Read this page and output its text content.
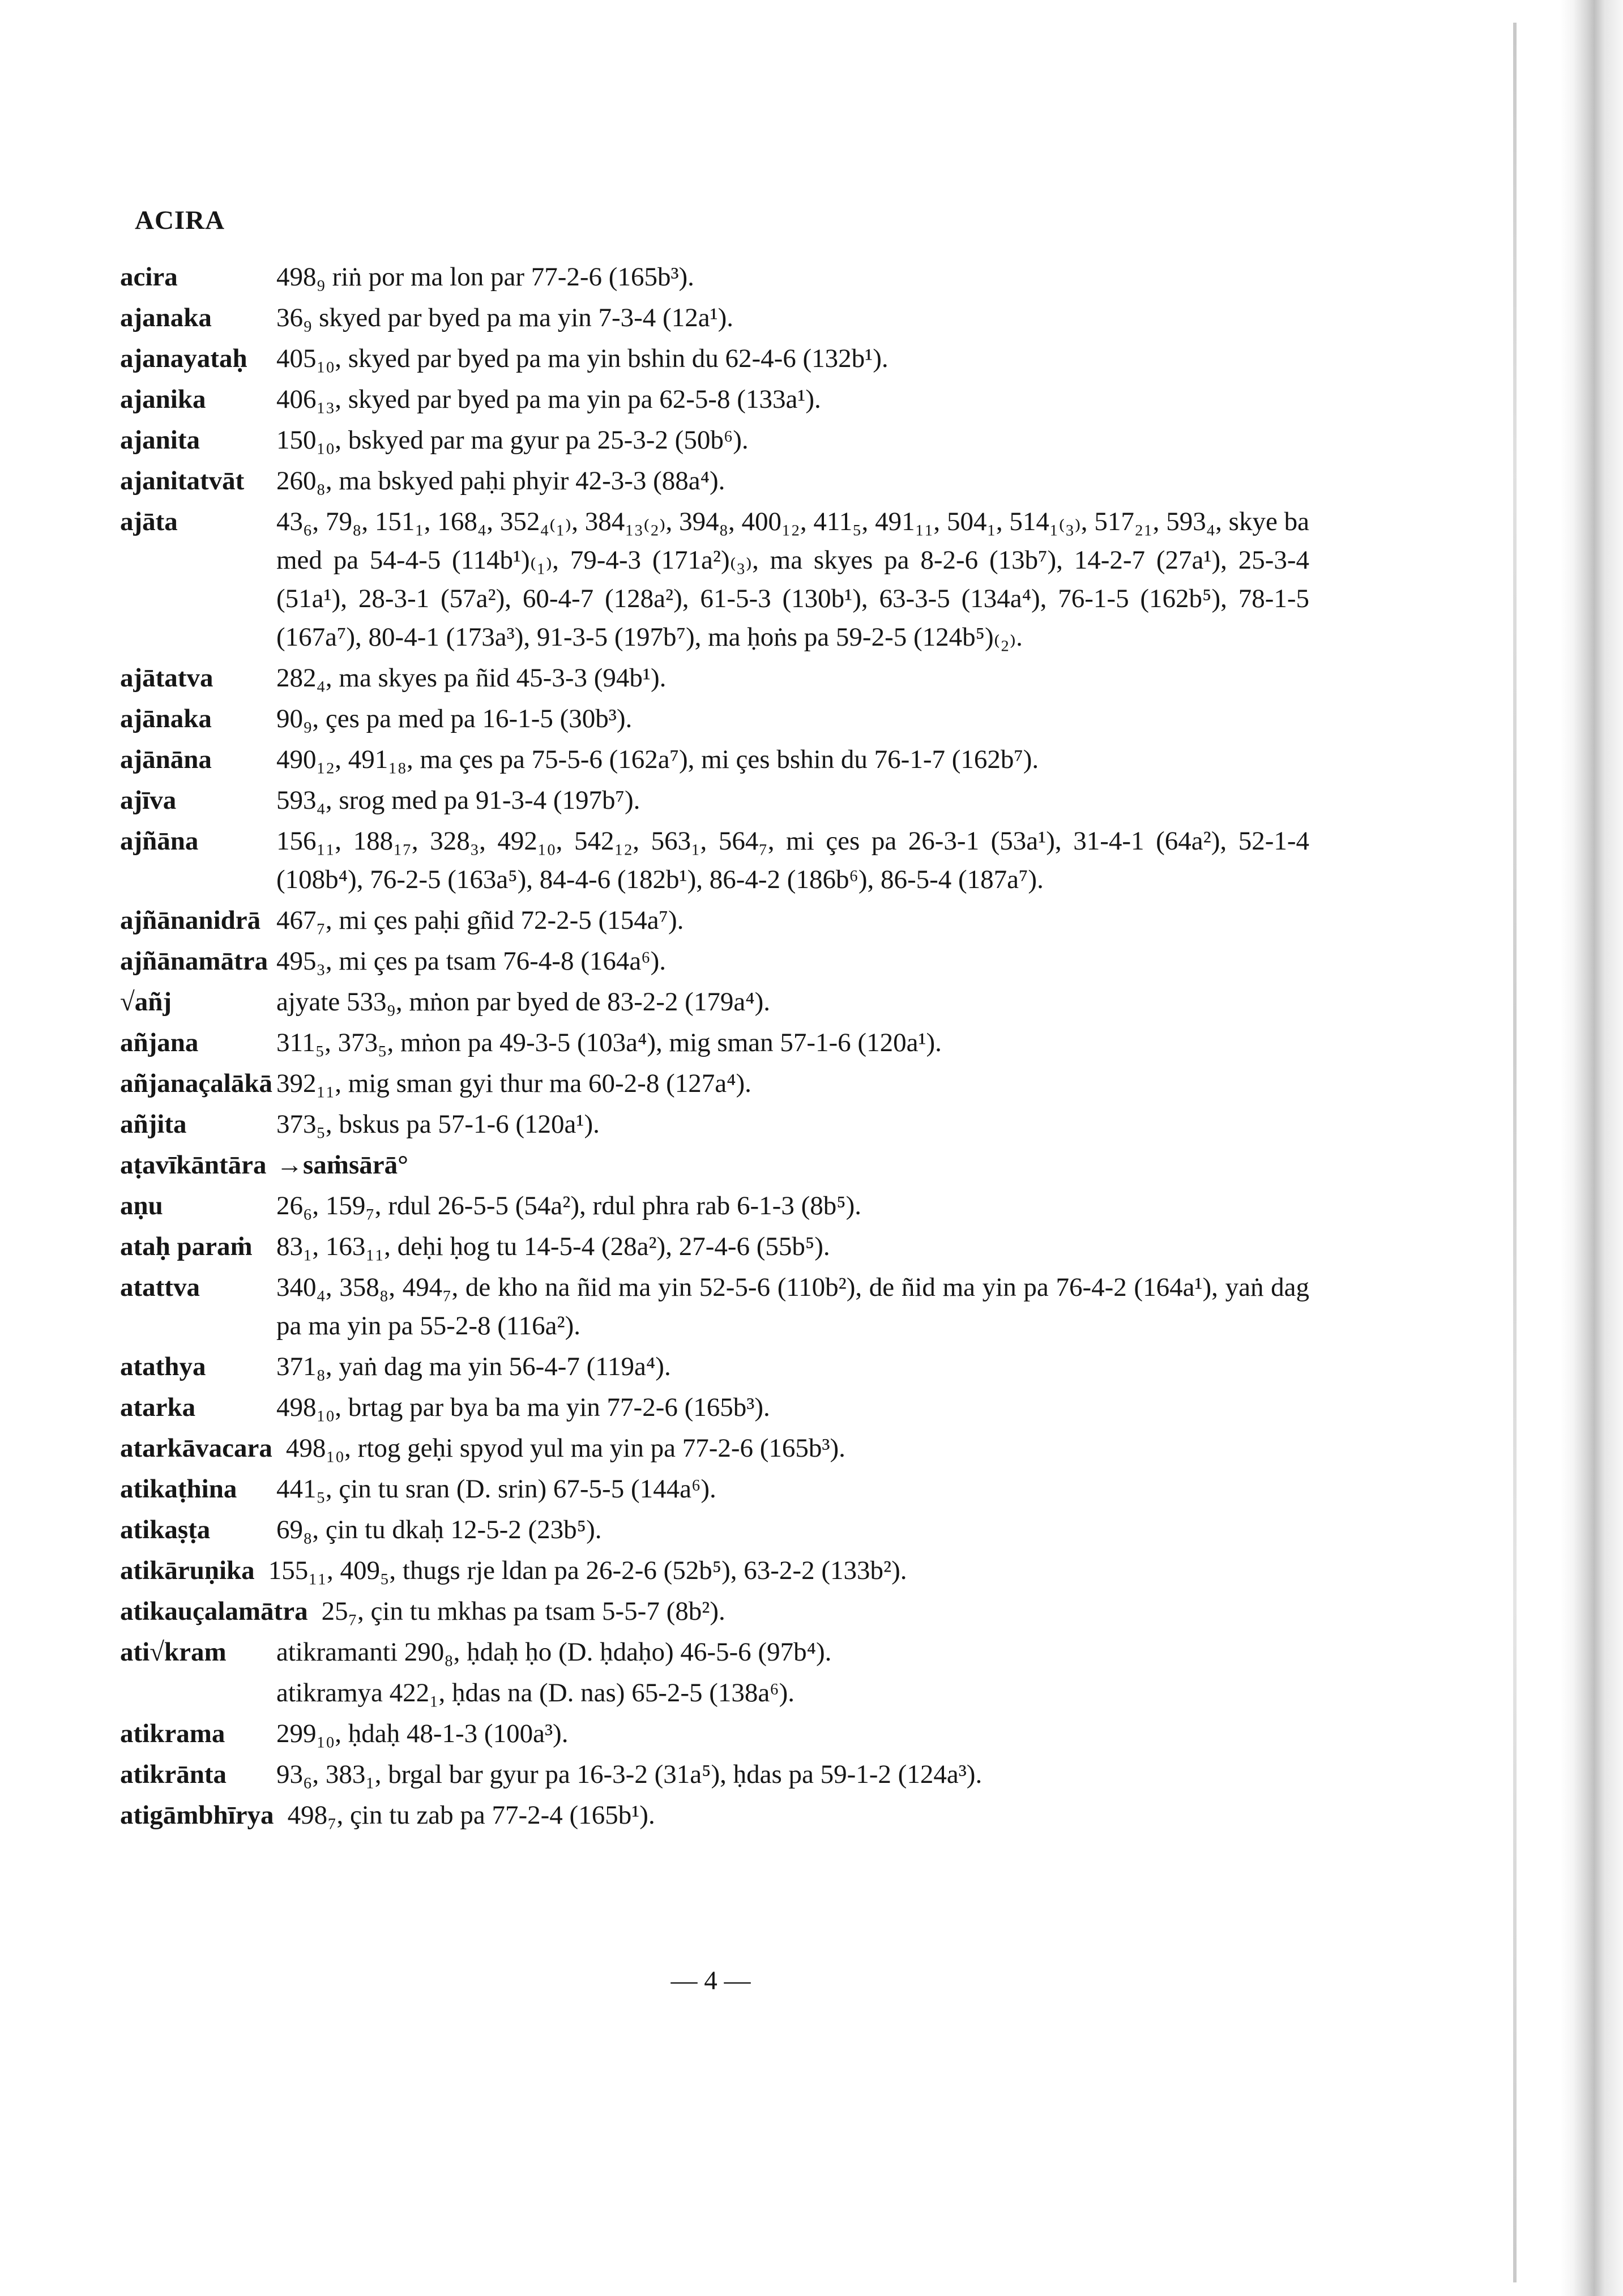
ACIRA
acira	498₉ riṅ por ma lon par 77-2-6 (165b³).
ajanaka	36₉ skyed par byed pa ma yin 7-3-4 (12a¹).
ajanayataḥ	405₁₀, skyed par byed pa ma yin bshin du 62-4-6 (132b¹).
ajanika	406₁₃, skyed par byed pa ma yin pa 62-5-8 (133a¹).
ajanita	150₁₀, bskyed par ma gyur pa 25-3-2 (50b⁶).
ajanitatvāt	260₈, ma bskyed paḥi phyir 42-3-3 (88a⁴).
ajāta	43₆, 79₈, 151₁, 168₄, 352₄₍₁₎, 384₁₃₍₂₎, 394₈, 400₁₂, 411₅, 491₁₁, 504₁, 514₁₍₃₎, 517₂₁, 593₄, skye ba med pa 54-4-5 (114b¹)₍₁₎, 79-4-3 (171a²)₍₃₎, ma skyes pa 8-2-6 (13b⁷), 14-2-7 (27a¹), 25-3-4 (51a¹), 28-3-1 (57a²), 60-4-7 (128a²), 61-5-3 (130b¹), 63-3-5 (134a⁴), 76-1-5 (162b⁵), 78-1-5 (167a⁷), 80-4-1 (173a³), 91-3-5 (197b⁷), ma ḥoṅs pa 59-2-5 (124b⁵)₍₂₎.
ajātatva	282₄, ma skyes pa ñid 45-3-3 (94b¹).
ajānaka	90₉, çes pa med pa 16-1-5 (30b³).
ajānāna	490₁₂, 491₁₈, ma çes pa 75-5-6 (162a⁷), mi çes bshin du 76-1-7 (162b⁷).
ajīva	593₄, srog med pa 91-3-4 (197b⁷).
ajñāna	156₁₁, 188₁₇, 328₃, 492₁₀, 542₁₂, 563₁, 564₇, mi çes pa 26-3-1 (53a¹), 31-4-1 (64a²), 52-1-4 (108b⁴), 76-2-5 (163a⁵), 84-4-6 (182b¹), 86-4-2 (186b⁶), 86-5-4 (187a⁷).
ajñānanidrā 467₇, mi çes paḥi gñid 72-2-5 (154a⁷).
ajñānamātra 495₃, mi çes pa tsam 76-4-8 (164a⁶).
√añj	ajyate 533₉, mṅon par byed de 83-2-2 (179a⁴).
añjana	311₅, 373₅, mṅon pa 49-3-5 (103a⁴), mig sman 57-1-6 (120a¹).
añjanaçalākā 392₁₁, mig sman gyi thur ma 60-2-8 (127a⁴).
añjita	373₅, bskus pa 57-1-6 (120a¹).
aṭavīkāntāra →saṁsārā°
aṇu	26₆, 159₇, rdul 26-5-5 (54a²), rdul phra rab 6-1-3 (8b⁵).
ataḥ paraṁ 83₁, 163₁₁, deḥi ḥog tu 14-5-4 (28a²), 27-4-6 (55b⁵).
atattva	340₄, 358₈, 494₇, de kho na ñid ma yin 52-5-6 (110b²), de ñid ma yin pa 76-4-2 (164a¹), yaṅ dag pa ma yin pa 55-2-8 (116a²).
atathya	371₈, yaṅ dag ma yin 56-4-7 (119a⁴).
atarka	498₁₀, brtag par bya ba ma yin 77-2-6 (165b³).
atarkāvacara 498₁₀, rtog geḥi spyod yul ma yin pa 77-2-6 (165b³).
atikaṭhina	441₅, çin tu sran (D. srin) 67-5-5 (144a⁶).
atikaṣṭa	69₈, çin tu dkaḥ 12-5-2 (23b⁵).
atikāruṇika 155₁₁, 409₅, thugs rje ldan pa 26-2-6 (52b⁵), 63-2-2 (133b²).
atikauçalamātra 25₇, çin tu mkhas pa tsam 5-5-7 (8b²).
ati√kram	atikramanti 290₈, ḥdaḥ ḥo (D. ḥdaḥo) 46-5-6 (97b⁴).
atikramya 422₁, ḥdas na (D. nas) 65-2-5 (138a⁶).
atikrama	299₁₀, ḥdaḥ 48-1-3 (100a³).
atikrānta	93₆, 383₁, brgal bar gyur pa 16-3-2 (31a⁵), ḥdas pa 59-1-2 (124a³).
atigāmbhīrya 498₇, çin tu zab pa 77-2-4 (165b¹).
— 4 —
